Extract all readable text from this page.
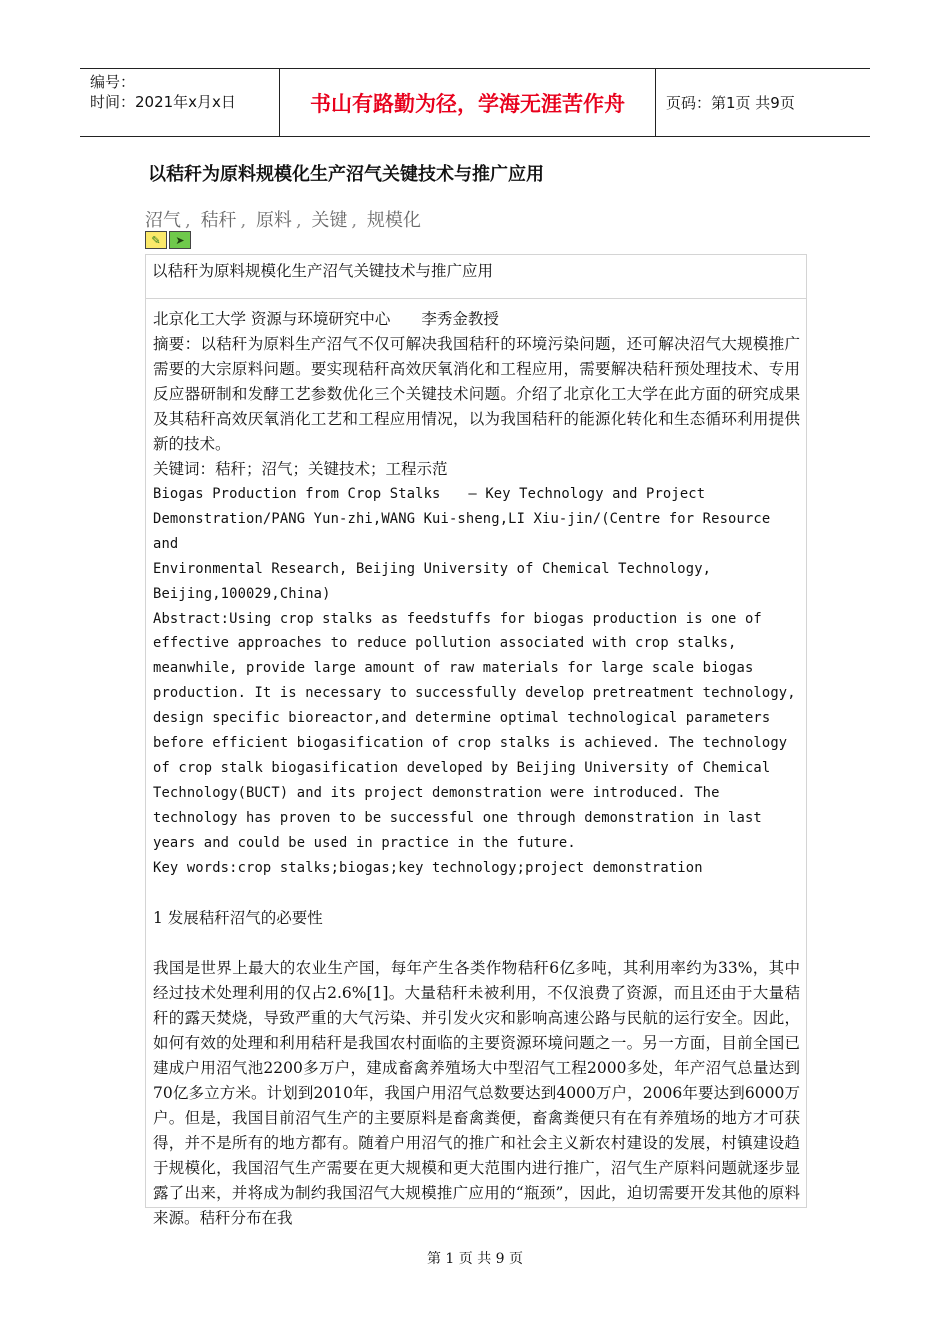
编号：
时间：2021年x月x日	书山有路勤为径，学海无涯苦作舟	页码：第1页 共9页
以秸秆为原料规模化生产沼气关键技术与推广应用
沼气 , 秸秆 , 原料 , 关键 , 规模化
✎	➤
以秸秆为原料规模化生产沼气关键技术与推广应用

北京化工大学 资源与环境研究中心　　李秀金教授

摘要：以秸秆为原料生产沼气不仅可解决我国秸秆的环境污染问题，还可解决沼气大规模推广需要的大宗原料问题。要实现秸秆高效厌氧消化和工程应用，需要解决秸秆预处理技术、专用反应器研制和发酵工艺参数优化三个关键技术问题。介绍了北京化工大学在此方面的研究成果及其秸秆高效厌氧消化工艺和工程应用情况，以为我国秸秆的能源化转化和生态循环利用提供新的技术。

关键词：秸秆；沼气；关键技术；工程示范

Biogas Production from Crop Stalks　　— Key Technology and Project
Demonstration/PANG Yun-zhi,WANG Kui-sheng,LI Xiu-jin/(Centre for Resource and
Environmental Research, Beijing University of Chemical Technology,
Beijing,100029,China)
Abstract:Using crop stalks as feedstuffs for biogas production is one of
effective approaches to reduce pollution associated with crop stalks,
meanwhile, provide large amount of raw materials for large scale biogas
production. It is necessary to successfully develop pretreatment technology,
design specific bioreactor,and determine optimal technological parameters
before efficient biogasification of crop stalks is achieved. The technology
of crop stalk biogasification developed by Beijing University of Chemical
Technology(BUCT) and its project demonstration were introduced. The
technology has proven to be successful one through demonstration in last
years and could be used in practice in the future.
Key words:crop stalks;biogas;key technology;project demonstration

1 发展秸秆沼气的必要性

我国是世界上最大的农业生产国，每年产生各类作物秸秆6亿多吨，其利用率约为33%，其中经过技术处理利用的仅占2.6%[1]。大量秸秆未被利用，不仅浪费了资源，而且还由于大量秸秆的露天焚烧，导致严重的大气污染、并引发火灾和影响高速公路与民航的运行安全。因此，如何有效的处理和利用秸秆是我国农村面临的主要资源环境问题之一。另一方面，目前全国已建成户用沼气池2200多万户，建成畜禽养殖场大中型沼气工程2000多处，年产沼气总量达到70亿多立方米。计划到2010年，我国户用沼气总数要达到4000万户，2006年要达到6000万户。但是，我国目前沼气生产的主要原料是畜禽粪便，畜禽粪便只有在有养殖场的地方才可获得，并不是所有的地方都有。随着户用沼气的推广和社会主义新农村建设的发展，村镇建设趋于规模化，我国沼气生产需要在更大规模和更大范围内进行推广，沼气生产原料问题就逐步显露了出来，并将成为制约我国沼气大规模推广应用的“瓶颈”，因此，迫切需要开发其他的原料来源。秸秆分布在我

第 1 页 共 9 页
